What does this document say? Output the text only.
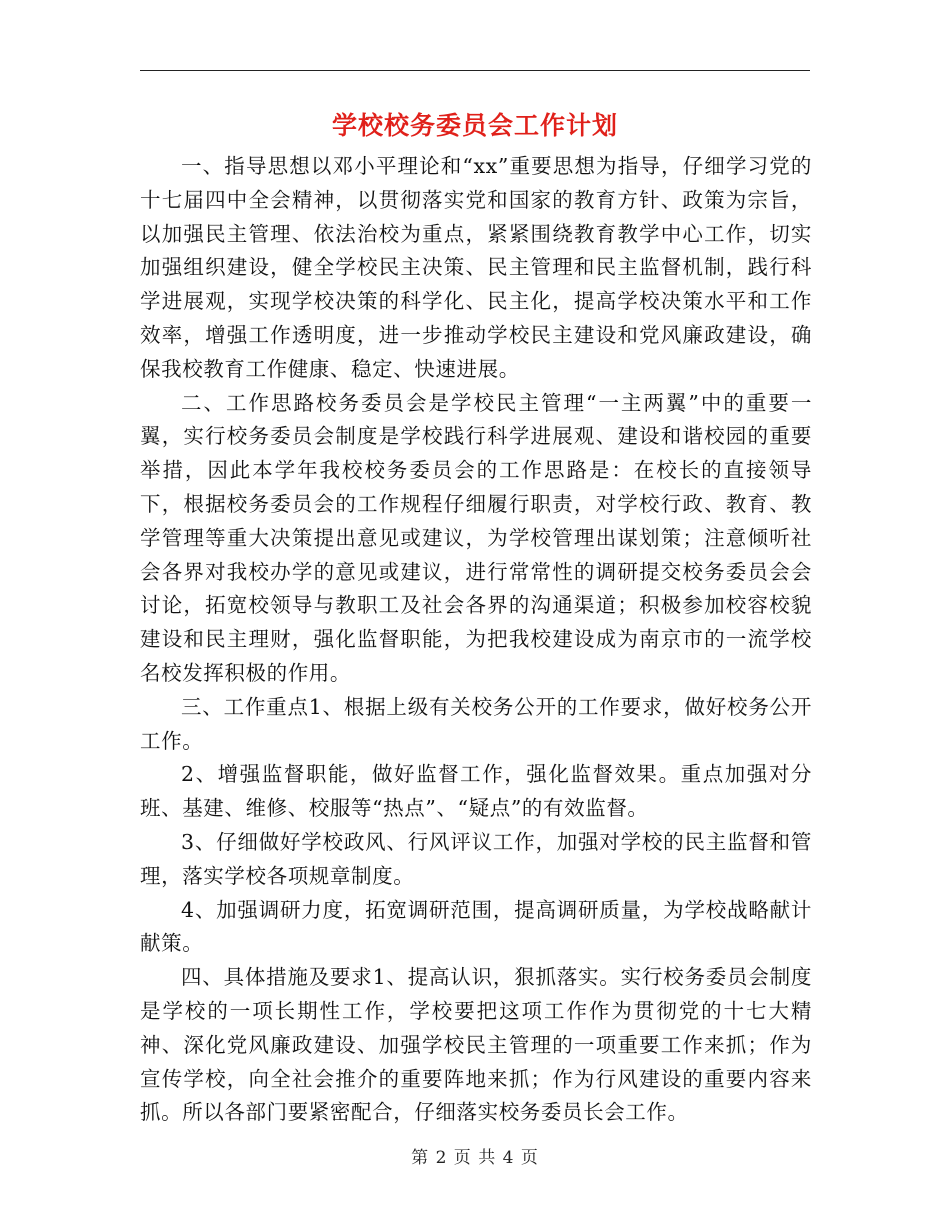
学校校务委员会工作计划

一、指导思想以邓小平理论和“xx”重要思想为指导，仔细学习党的十七届四中全会精神，以贯彻落实党和国家的教育方针、政策为宗旨，以加强民主管理、依法治校为重点，紧紧围绕教育教学中心工作，切实加强组织建设，健全学校民主决策、民主管理和民主监督机制，践行科学进展观，实现学校决策的科学化、民主化，提高学校决策水平和工作效率，增强工作透明度，进一步推动学校民主建设和党风廉政建设，确保我校教育工作健康、稳定、快速进展。

二、工作思路校务委员会是学校民主管理“一主两翼”中的重要一翼，实行校务委员会制度是学校践行科学进展观、建设和谐校园的重要举措，因此本学年我校校务委员会的工作思路是：在校长的直接领导下，根据校务委员会的工作规程仔细履行职责，对学校行政、教育、教学管理等重大决策提出意见或建议，为学校管理出谋划策；注意倾听社会各界对我校办学的意见或建议，进行常常性的调研提交校务委员会会讨论，拓宽校领导与教职工及社会各界的沟通渠道；积极参加校容校貌建设和民主理财，强化监督职能，为把我校建设成为南京市的一流学校名校发挥积极的作用。

三、工作重点1、根据上级有关校务公开的工作要求，做好校务公开工作。

2、增强监督职能，做好监督工作，强化监督效果。重点加强对分班、基建、维修、校服等“热点”、“疑点”的有效监督。

3、仔细做好学校政风、行风评议工作，加强对学校的民主监督和管理，落实学校各项规章制度。

4、加强调研力度，拓宽调研范围，提高调研质量，为学校战略献计献策。

四、具体措施及要求1、提高认识，狠抓落实。实行校务委员会制度是学校的一项长期性工作，学校要把这项工作作为贯彻党的十七大精神、深化党风廉政建设、加强学校民主管理的一项重要工作来抓；作为宣传学校，向全社会推介的重要阵地来抓；作为行风建设的重要内容来抓。所以各部门要紧密配合，仔细落实校务委员长会工作。

第 2 页 共 4 页
